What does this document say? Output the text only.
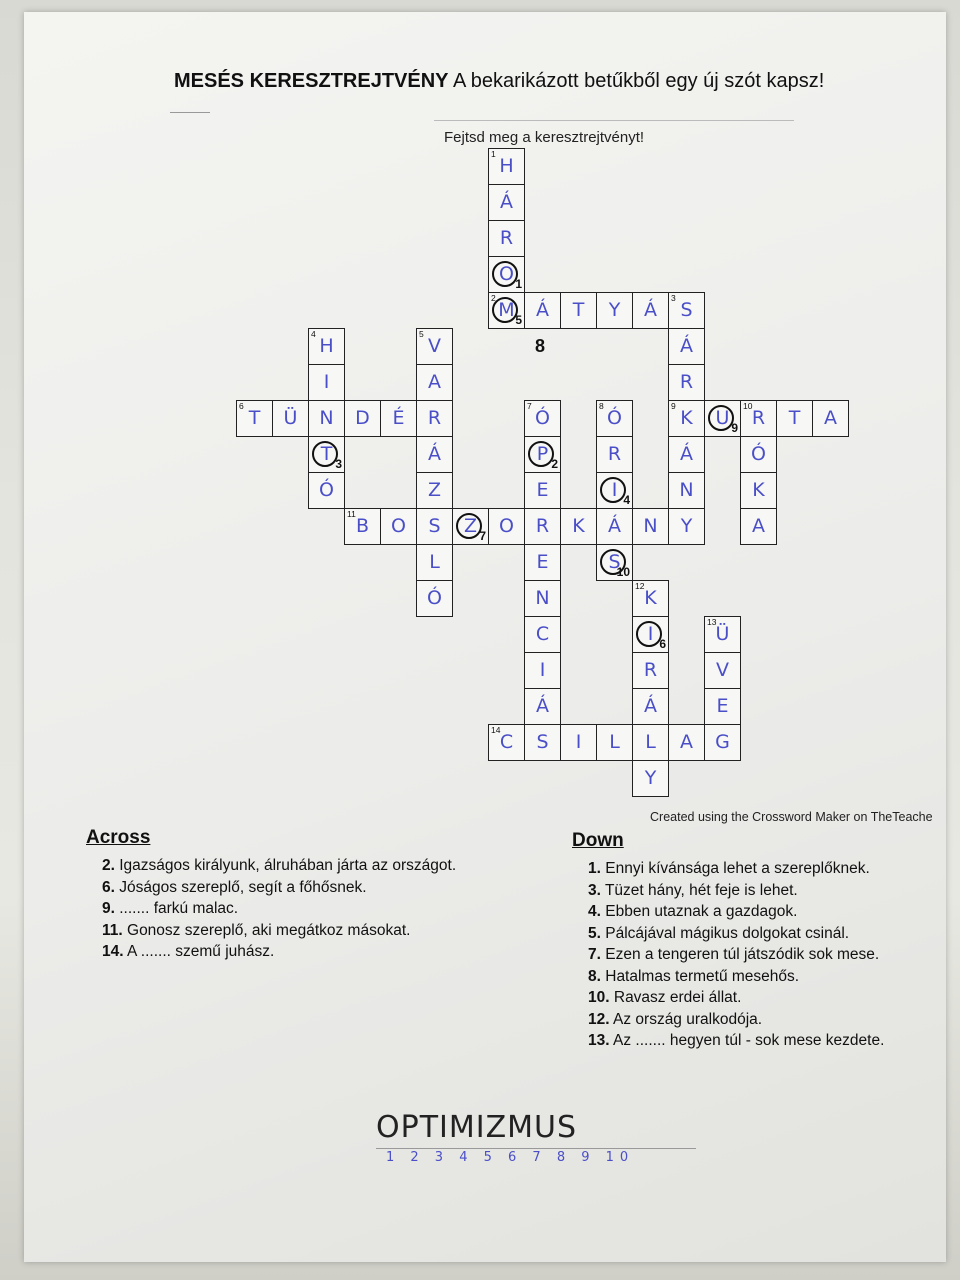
MESÉS KERESZTREJTVÉNY A bekarikázott betűkből egy új szót kapsz!
Fejtsd meg a keresztrejtvényt!
1
H
Á
R
O 1
2
M 5 Á	T	Y	Á
3
S
Á
R
9
K
Á
N
Y
U 9
10
R	T	A
Ó
K
A
4
H
I
N
T 3
Ó
6
T	Ü	D	É	R
5
V
A
Á
Z
S
L
Ó
11
B	O	Z 7 O	R	K	Á	N
7
Ó
P 2
E
E
N
C
I
Á
8
Ó
R
I 4
S
10
12
K
I 6
R
Á
L
Y
13
Ü
V
E
G
14
C	S	I	L	A
8
Created using the Crossword Maker on TheTeache
Across
2. Igazságos királyunk, álruhában járta az országot.
6. Jóságos szereplő, segít a főhősnek.
9. ....... farkú malac.
11. Gonosz szereplő, aki megátkoz másokat.
14. A ....... szemű juhász.
Down
1. Ennyi kívánsága lehet a szereplőknek.
3. Tüzet hány, hét feje is lehet.
4. Ebben utaznak a gazdagok.
5. Pálcájával mágikus dolgokat csinál.
7. Ezen a tengeren túl játszódik sok mese.
8. Hatalmas termetű mesehős.
10. Ravasz erdei állat.
12. Az ország uralkodója.
13. Az ....... hegyen túl - sok mese kezdete.
OPTIMIZMUS
1 2 3 4 5 6 7 8 9 10
